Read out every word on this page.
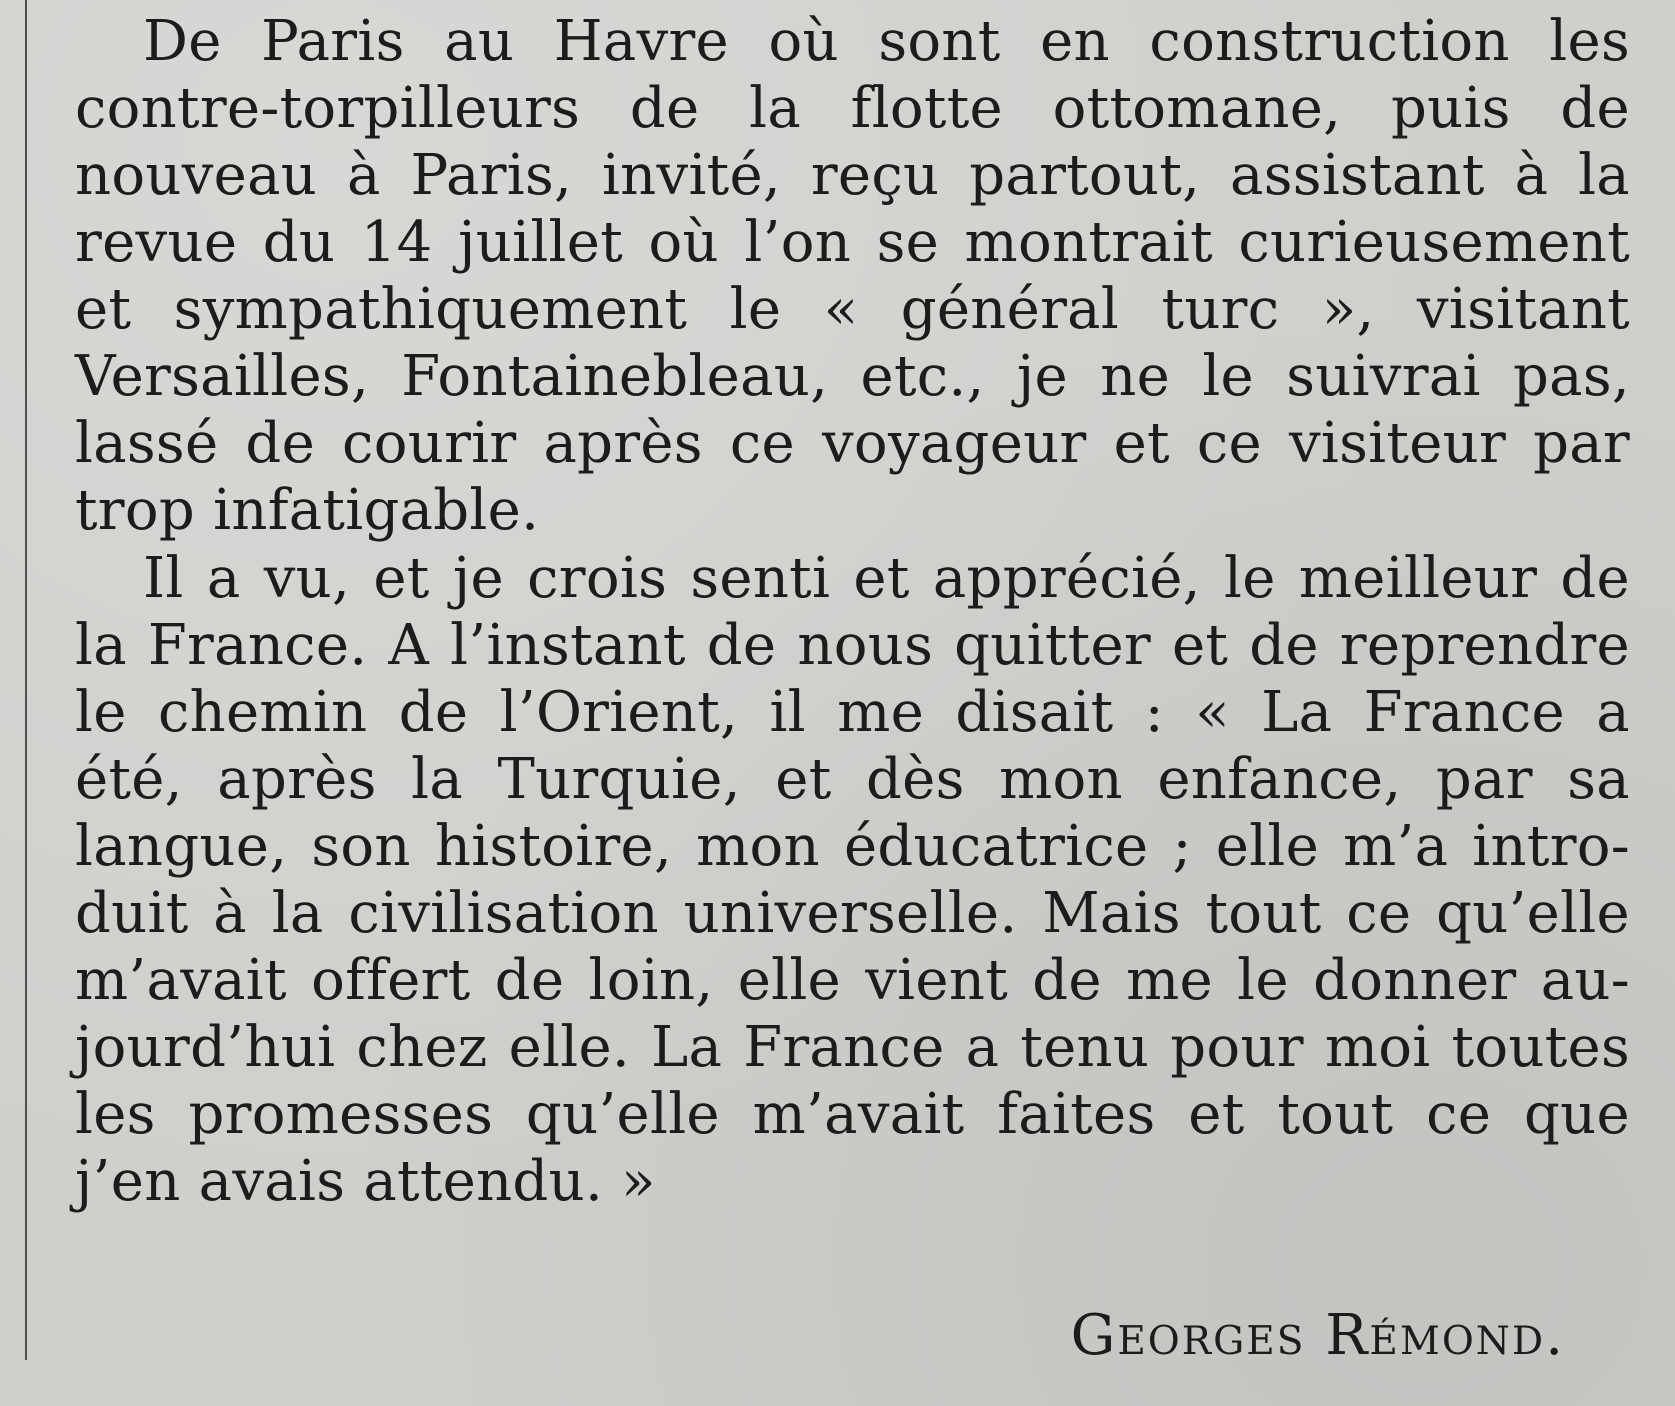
De Paris au Havre où sont en construction les
contre-torpilleurs de la flotte ottomane, puis de
nouveau à Paris, invité, reçu partout, assistant à la
revue du 14 juillet où l’on se montrait curieusement
et sympathiquement le « général turc », visitant
Versailles, Fontainebleau, etc., je ne le suivrai pas,
lassé de courir après ce voyageur et ce visiteur par
trop infatigable.
Il a vu, et je crois senti et apprécié, le meilleur de
la France. A l’instant de nous quitter et de reprendre
le chemin de l’Orient, il me disait : « La France a
été, après la Turquie, et dès mon enfance, par sa
langue, son histoire, mon éducatrice ; elle m’a intro-
duit à la civilisation universelle. Mais tout ce qu’elle
m’avait offert de loin, elle vient de me le donner au-
jourd’hui chez elle. La France a tenu pour moi toutes
les promesses qu’elle m’avait faites et tout ce que
j’en avais attendu. »
Georges Rémond.
